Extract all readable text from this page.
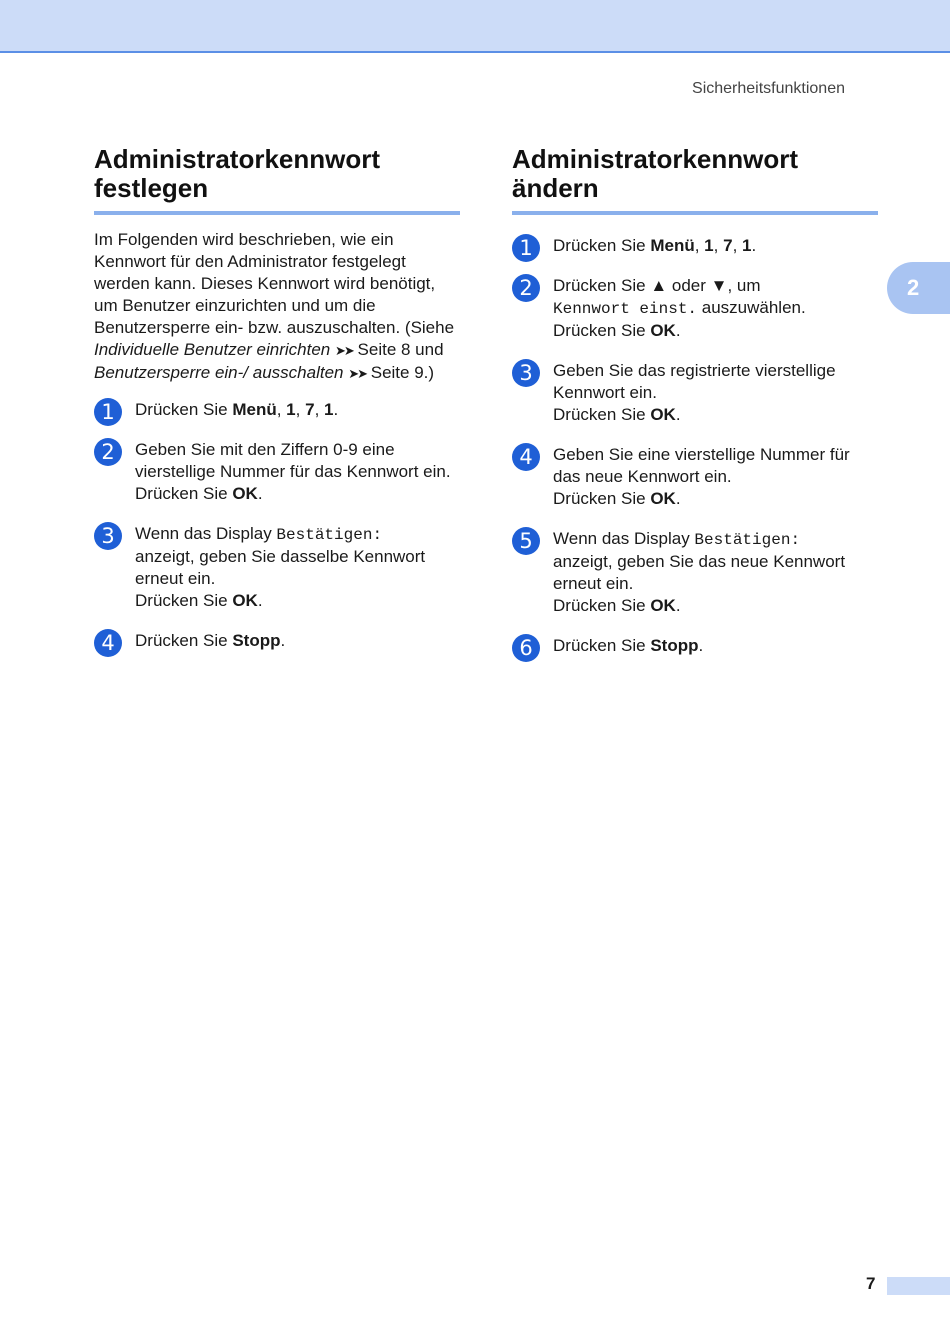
Sicherheitsfunktionen
2
Administratorkennwort
festlegen

Im Folgenden wird beschrieben, wie ein Kennwort für den Administrator festgelegt werden kann. Dieses Kennwort wird benötigt, um Benutzer einzurichten und um die Benutzersperre ein- bzw. auszuschalten. (Siehe Individuelle Benutzer einrichten ➤➤ Seite 8 und Benutzersperre ein-/ ausschalten ➤➤ Seite 9.)

1	Drücken Sie Menü, 1, 7, 1.
2	Geben Sie mit den Ziffern 0-9 eine vierstellige Nummer für das Kennwort ein.
Drücken Sie OK.
3	Wenn das Display Bestätigen:
anzeigt, geben Sie dasselbe Kennwort erneut ein.
Drücken Sie OK.
4	Drücken Sie Stopp.
Administratorkennwort
ändern
1	Drücken Sie Menü, 1, 7, 1.
2	Drücken Sie ▲ oder ▼, um
Kennwort einst. auszuwählen.
Drücken Sie OK.
3	Geben Sie das registrierte vierstellige Kennwort ein.
Drücken Sie OK.
4	Geben Sie eine vierstellige Nummer für das neue Kennwort ein.
Drücken Sie OK.
5	Wenn das Display Bestätigen:
anzeigt, geben Sie das neue Kennwort erneut ein.
Drücken Sie OK.
6	Drücken Sie Stopp.
7
